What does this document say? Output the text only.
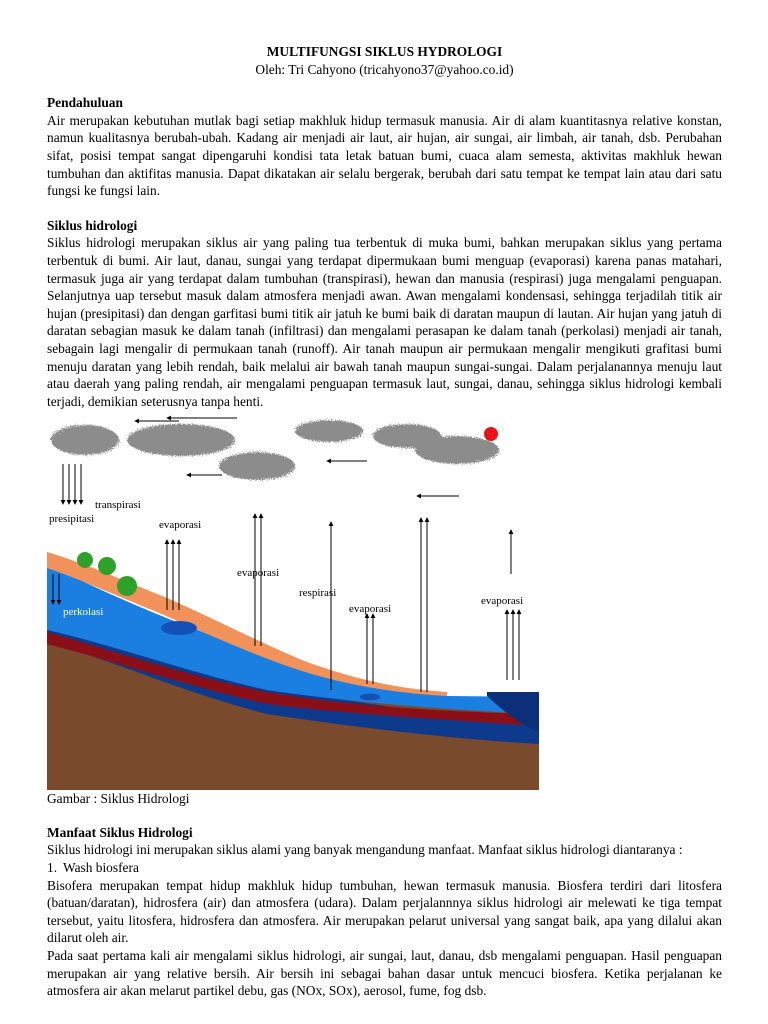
MULTIFUNGSI SIKLUS HYDROLOGI

Oleh: Tri Cahyono (tricahyono37@yahoo.co.id)

Pendahuluan

Air merupakan kebutuhan mutlak bagi setiap makhluk hidup termasuk manusia. Air di alam kuantitasnya relative konstan, namun kualitasnya berubah-ubah. Kadang air menjadi air laut, air hujan, air sungai, air limbah, air tanah, dsb. Perubahan sifat, posisi tempat sangat dipengaruhi kondisi tata letak batuan bumi, cuaca alam semesta, aktivitas makhluk hewan tumbuhan dan aktifitas manusia. Dapat dikatakan air selalu bergerak, berubah dari satu tempat ke tempat lain atau dari satu fungsi ke fungsi lain.

Siklus hidrologi

Siklus hidrologi merupakan siklus air yang paling tua terbentuk di muka bumi, bahkan merupakan siklus yang pertama terbentuk di bumi. Air laut, danau, sungai yang terdapat dipermukaan bumi menguap (evaporasi) karena panas matahari, termasuk juga air yang terdapat dalam tumbuhan (transpirasi), hewan dan manusia (respirasi) juga mengalami penguapan. Selanjutnya uap tersebut masuk dalam atmosfera menjadi awan. Awan mengalami kondensasi, sehingga terjadilah titik air hujan (presipitasi) dan dengan garfitasi bumi titik air jatuh ke bumi baik di daratan maupun di lautan. Air hujan yang jatuh di daratan sebagian masuk ke dalam tanah (infiltrasi) dan mengalami perasapan ke dalam tanah (perkolasi) menjadi air tanah, sebagain lagi mengalir di permukaan tanah (runoff). Air tanah maupun air permukaan mengalir mengikuti grafitasi bumi menuju daratan yang lebih rendah, baik melalui air bawah tanah maupun sungai-sungai. Dalam perjalanannya menuju laut atau daerah yang paling rendah, air mengalami penguapan termasuk laut, sungai, danau, sehingga siklus hidrologi kembali terjadi, demikian seterusnya tanpa henti.

transpirasi
presipitasi	evaporasi
evaporasi
respirasi
evaporasi
evaporasi
perkolasi

Gambar : Siklus Hidrologi

Manfaat Siklus Hidrologi

Siklus hidrologi ini merupakan siklus alami yang banyak mengandung manfaat. Manfaat siklus hidrologi diantaranya :

1. Wash biosfera

Bisofera merupakan tempat hidup makhluk hidup tumbuhan, hewan termasuk manusia. Biosfera terdiri dari litosfera (batuan/daratan), hidrosfera (air) dan atmosfera (udara). Dalam perjalannnya siklus hidrologi air melewati ke tiga tempat tersebut, yaitu litosfera, hidrosfera dan atmosfera. Air merupakan pelarut universal yang sangat baik, apa yang dilalui akan dilarut oleh air.

Pada saat pertama kali air mengalami siklus hidrologi, air sungai, laut, danau, dsb mengalami penguapan. Hasil penguapan merupakan air yang relative bersih. Air bersih ini sebagai bahan dasar untuk mencuci biosfera. Ketika perjalanan ke atmosfera air akan melarut partikel debu, gas (NOx, SOx), aerosol, fume, fog dsb.
